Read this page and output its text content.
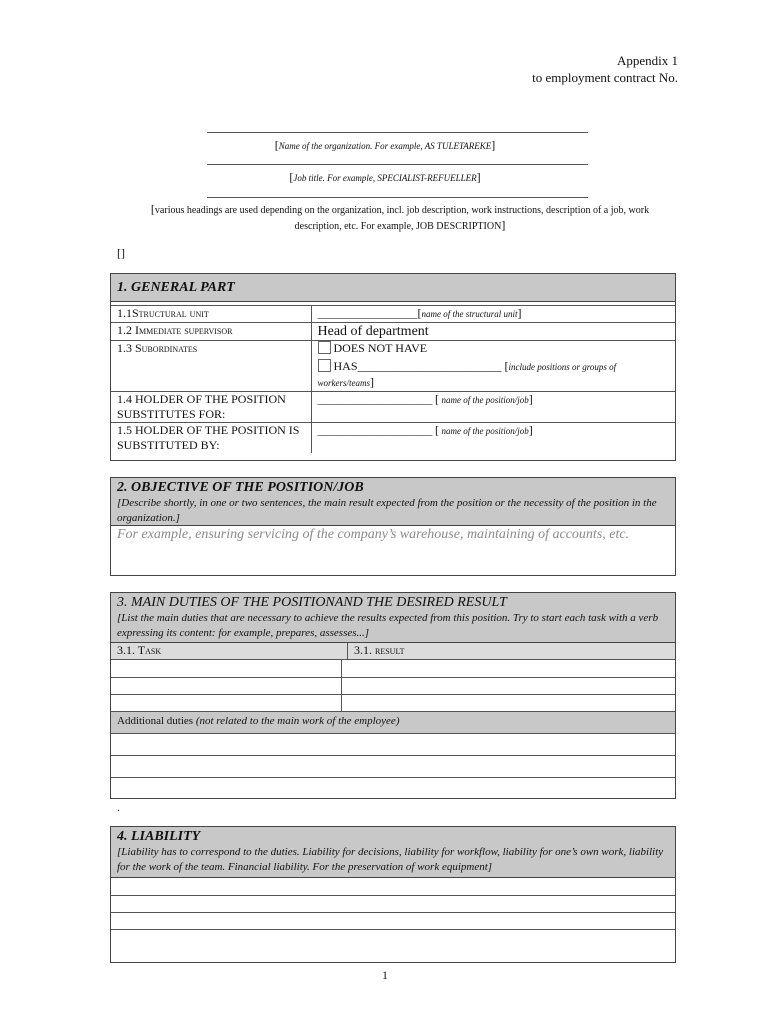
Appendix 1
to employment contract No.
[Name of the organization. For example, AS TULETAREKE]
[Job title. For example, SPECIALIST-REFUELLER]
[various headings are used depending on the organization, incl. job description, work instructions, description of a job, work description, etc. For example, JOB DESCRIPTION]
[]
1. GENERAL PART
1.1Structural unit	____________________[name of the structural unit]
1.2 Immediate supervisor	Head of department
1.3 Subordinates	DOES NOT HAVE
HAS________________________ [include positions or groups of workers/teams]

1.4 HOLDER OF THE POSITION SUBSTITUTES FOR:	_______________________ [ name of the position/job]
1.5 HOLDER OF THE POSITION IS SUBSTITUTED BY:	_______________________ [ name of the position/job]
2. OBJECTIVE OF THE POSITION/JOB
[Describe shortly, in one or two sentences, the main result expected from the position or the necessity of the position in the organization.]
For example, ensuring servicing of the company’s warehouse, maintaining of accounts, etc.
3. MAIN DUTIES OF THE POSITIONAND THE DESIRED RESULT
[List the main duties that are necessary to achieve the results expected from this position. Try to start each task with a verb expressing its content: for example, prepares, assesses...]
3.1. Task	3.1. result
Additional duties (not related to the main work of the employee)
.
4. LIABILITY
[Liability has to correspond to the duties. Liability for decisions, liability for workflow, liability for one’s own work, liability for the work of the team. Financial liability. For the preservation of work equipment]
1
